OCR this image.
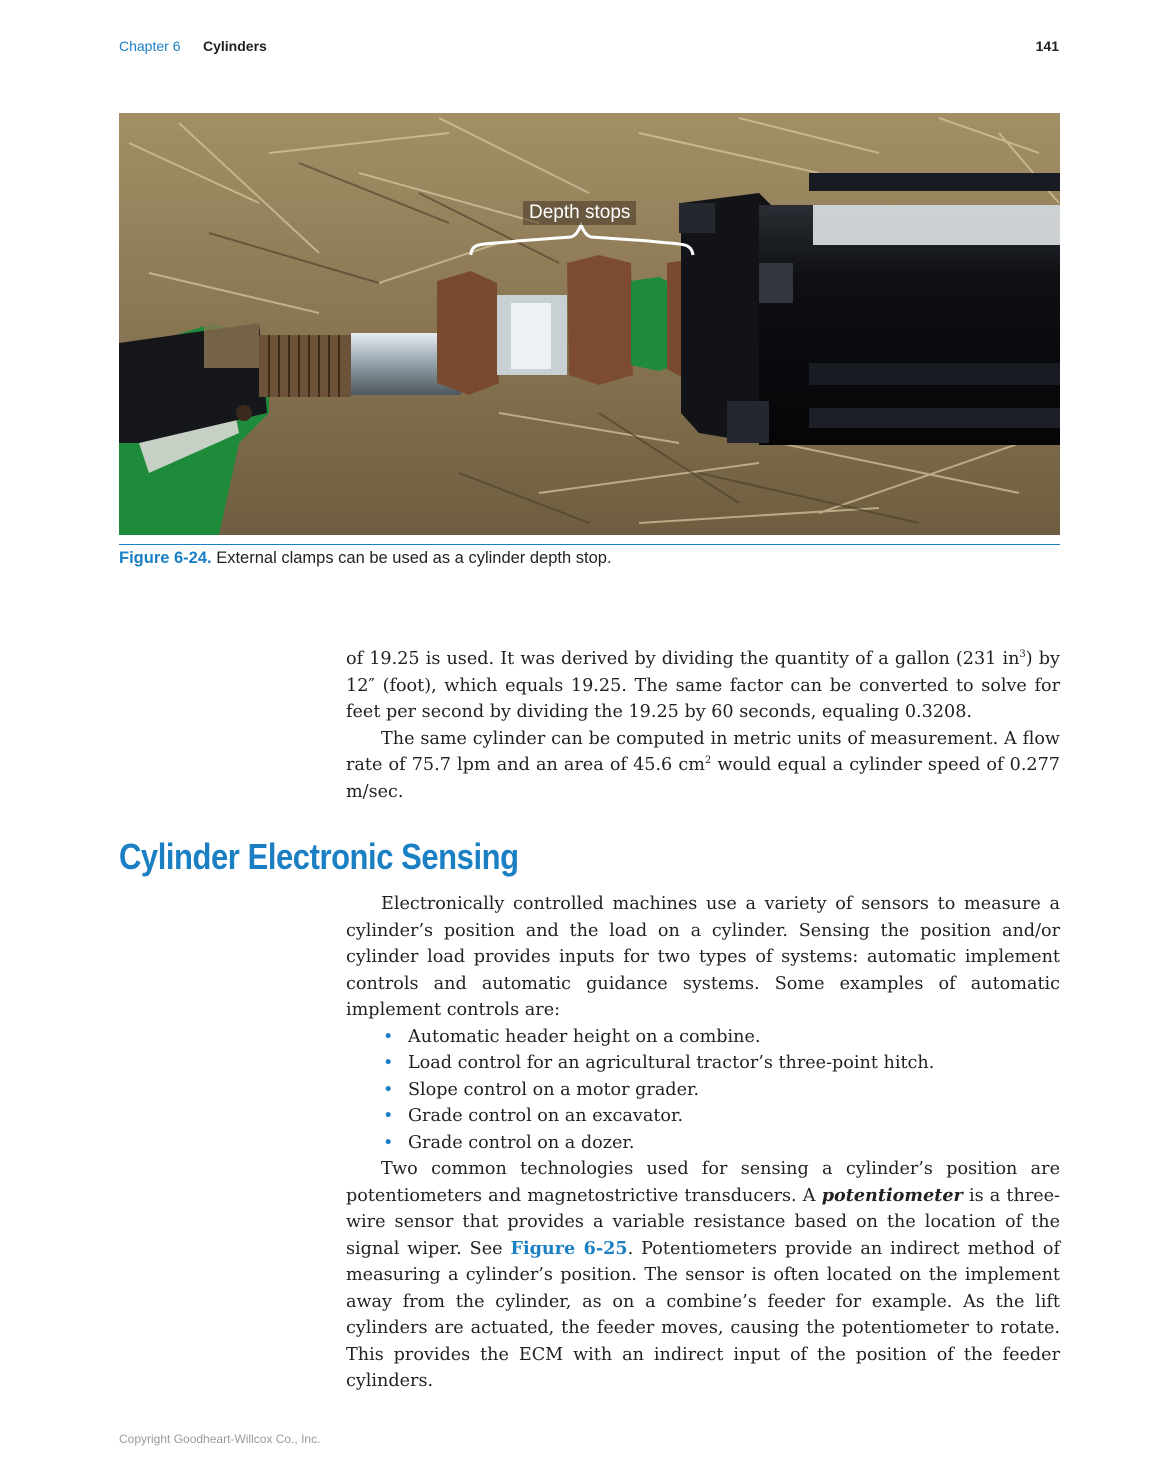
Chapter 6 Cylinders	141
Depth stops
Figure 6-24. External clamps can be used as a cylinder depth stop.

of 19.25 is used. It was derived by dividing the quantity of a gallon (231 $in^3$) by 12″ (foot), which equals 19.25. The same factor can be converted to solve for feet per second by dividing the 19.25 by 60 seconds, equaling 0.3208.

The same cylinder can be computed in metric units of measurement. A flow rate of 75.7 lpm and an area of 45.6 $cm^2$ would equal a cylinder speed of 0.277 m/sec.

Cylinder Electronic Sensing

Electronically controlled machines use a variety of sensors to measure a cylinder’s position and the load on a cylinder. Sensing the position and/or cylinder load provides inputs for two types of systems: automatic implement controls and automatic guidance systems. Some examples of automatic implement controls are:

• Automatic header height on a combine.
• Load control for an agricultural tractor’s three-point hitch.
• Slope control on a motor grader.
• Grade control on an excavator.
• Grade control on a dozer.

Two common technologies used for sensing a cylinder’s position are potentiometers and magnetostrictive transducers. A potentiometer is a three-wire sensor that provides a variable resistance based on the location of the signal wiper. See Figure 6-25. Potentiometers provide an indirect method of measuring a cylinder’s position. The sensor is often located on the implement away from the cylinder, as on a combine’s feeder for example. As the lift cylinders are actuated, the feeder moves, causing the potentiometer to rotate. This provides the ECM with an indirect input of the position of the feeder cylinders.

Copyright Goodheart-Willcox Co., Inc.
